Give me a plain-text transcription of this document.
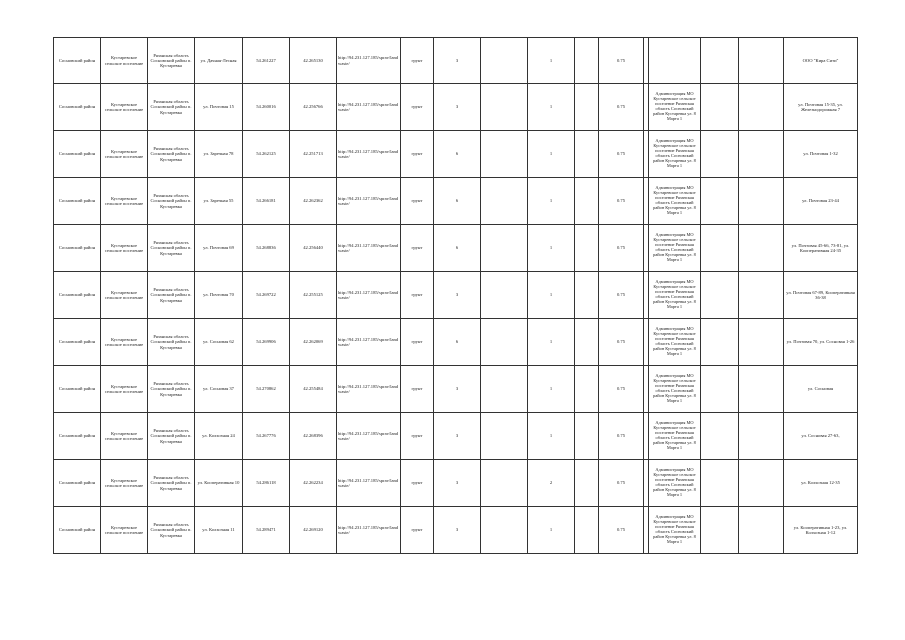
Сосновский район	Кустаревское сельское поселение	Рязанская область Сосновский район п. Кустаревка	ул. Дачная-Лесная	54.261227	42.265130	http://94.231.127.185/sprav/landwaste/	грунт	3		1		0.75					ООО "Кира Сити"
Сосновский район	Кустаревское сельское поселение	Рязанская область Сосновский район п. Кустаревка	ул. Почтовая 15	54.260016	42.256766	http://94.231.127.185/sprav/landwaste/	грунт	3		1		0.75		Администрация МО Кустаревское сельское поселение Рязанская область Сосновский район Кустаревка ул. 8 Марта 1			ул. Почтовая 15-35, ул. Железнодорожная 7
Сосновский район	Кустаревское сельское поселение	Рязанская область Сосновский район п. Кустаревка	ул. Заречная 78	54.262125	42.251713	http://94.231.127.185/sprav/landwaste/	грунт	6		1		0.75		Администрация МО Кустаревское сельское поселение Рязанская область Сосновский район Кустаревка ул. 8 Марта 1			ул. Почтовая 1-32
Сосновский район	Кустаревское сельское поселение	Рязанская область Сосновский район п. Кустаревка	ул. Заречная 55	54.266181	42.262362	http://94.231.127.185/sprav/landwaste/	грунт	6		1		0.75		Администрация МО Кустаревское сельское поселение Рязанская область Сосновский район Кустаревка ул. 8 Марта 1			ул. Почтовая 23-44
Сосновский район	Кустаревское сельское поселение	Рязанская область Сосновский район п. Кустаревка	ул. Почтовая 69	54.268836	42.256440	http://94.231.127.185/sprav/landwaste/	грунт	6		1		0.75		Администрация МО Кустаревское сельское поселение Рязанская область Сосновский район Кустаревка ул. 8 Марта 1			ул. Почтовая 45-66, 73-81, ул. Кооперативная 24-35
Сосновский район	Кустаревское сельское поселение	Рязанская область Сосновский район п. Кустаревка	ул. Почтовая 70	54.269722	42.255125	http://94.231.127.185/sprav/landwaste/	грунт	3		1		0.75		Администрация МО Кустаревское сельское поселение Рязанская область Сосновский район Кустаревка ул. 8 Марта 1			ул. Почтовая 67-89, Кооперативная 36-38
Сосновский район	Кустаревское сельское поселение	Рязанская область Сосновский район п. Кустаревка	ул. Сосновая 62	54.269906	42.262069	http://94.231.127.185/sprav/landwaste/	грунт	6		1		0.75		Администрация МО Кустаревское сельское поселение Рязанская область Сосновский район Кустаревка ул. 8 Марта 1			ул. Почтовая 70, ул. Сосновая 1-26
Сосновский район	Кустаревское сельское поселение	Рязанская область Сосновский район п. Кустаревка	ул. Сосновая 37	54.270862	42.255484	http://94.231.127.185/sprav/landwaste/	грунт	3		1		0.75		Администрация МО Кустаревское сельское поселение Рязанская область Сосновский район Кустаревка ул. 8 Марта 1			ул. Сосновая
Сосновский район	Кустаревское сельское поселение	Рязанская область Сосновский район п. Кустаревка	ул. Колхозная 24	54.267776	42.268396	http://94.231.127.185/sprav/landwaste/	грунт	3		1		0.75		Администрация МО Кустаревское сельское поселение Рязанская область Сосновский район Кустаревка ул. 8 Марта 1			ул. Сосновая 27-63,
Сосновский район	Кустаревское сельское поселение	Рязанская область Сосновский район п. Кустаревка	ул. Кооперативная 10	54.286118	42.262234	http://94.231.127.185/sprav/landwaste/	грунт	3		2		0.75		Администрация МО Кустаревское сельское поселение Рязанская область Сосновский район Кустаревка ул. 8 Марта 1			ул. Колхозная 12-35
Сосновский район	Кустаревское сельское поселение	Рязанская область Сосновский район п. Кустаревка	ул. Колхозная 11	54.289471	42.269120	http://94.231.127.185/sprav/landwaste/	грунт	3		1		0.75		Администрация МО Кустаревское сельское поселение Рязанская область Сосновский район Кустаревка ул. 8 Марта 1			ул. Кооперативная 1-23, ул. Колхозная 1-12
